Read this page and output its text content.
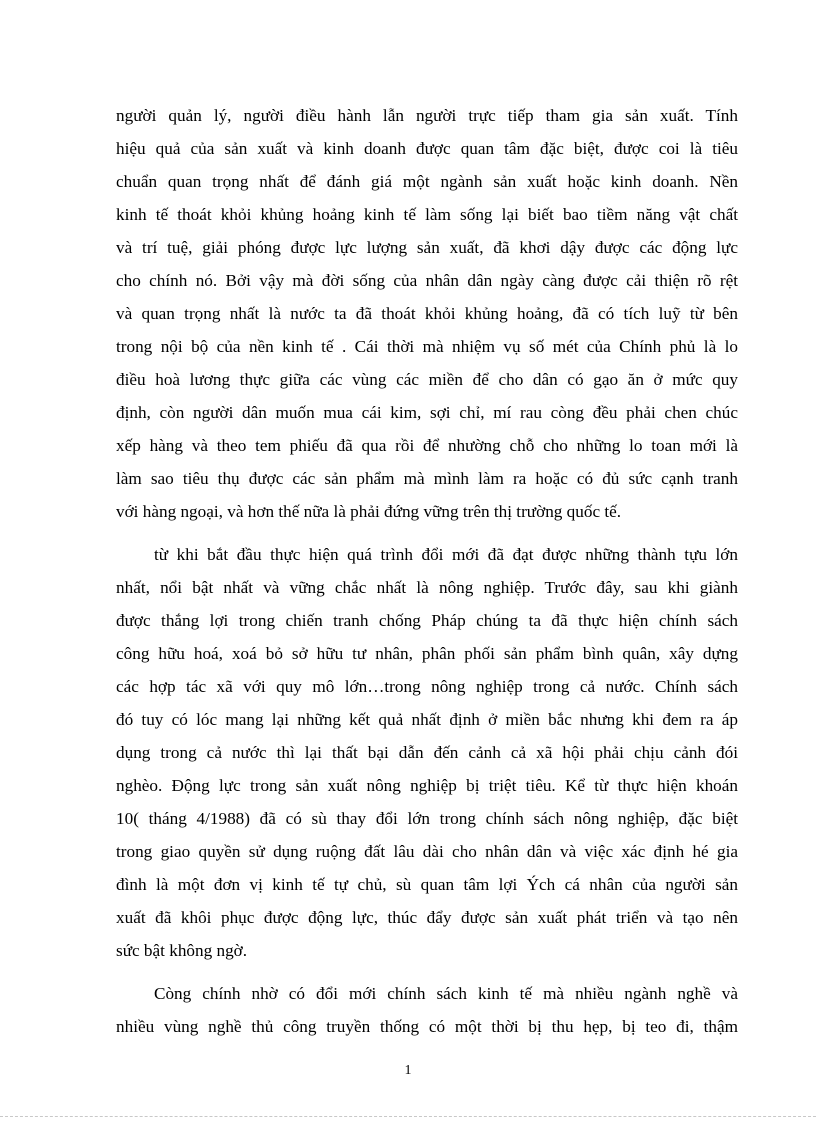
người quản lý, người điều hành lẫn người trực tiếp tham gia sản xuất. Tính
hiệu quả của sản xuất và kinh doanh được quan tâm đặc biệt, được coi là tiêu
chuẩn quan trọng nhất để đánh giá một ngành sản xuất hoặc kinh doanh. Nền
kinh tế thoát khỏi khủng hoảng kinh tế làm sống lại biết bao tiềm năng vật chất
và trí tuệ, giải phóng được lực lượng sản xuất, đã khơi dậy được các động lực
cho chính nó. Bởi vậy mà đời sống của nhân dân ngày càng được cải thiện rõ rệt
và quan trọng nhất là nước ta đã thoát khỏi khủng hoảng, đã có tích luỹ từ bên
trong nội bộ của nền kinh tế . Cái thời mà nhiệm vụ số mét của Chính phủ là lo
điều hoà lương thực giữa các vùng các miền để cho dân có gạo ăn ở mức quy
định, còn người dân muốn mua cái kim, sợi chỉ, mí rau còng đều phải chen chúc
xếp hàng và theo tem phiếu đã qua rồi để nhường chỗ cho những lo toan mới là
làm sao tiêu thụ được các sản phẩm mà mình làm ra hoặc có đủ sức cạnh tranh
với hàng ngoại, và hơn thế nữa là phải đứng vững trên thị trường quốc tế.
từ khi bắt đầu thực hiện quá trình đổi mới đã đạt được những thành tựu lớn
nhất, nổi bật nhất và vững chắc nhất là nông nghiệp. Trước đây, sau khi giành
được thắng lợi trong chiến tranh chống Pháp chúng ta đã thực hiện chính sách
công hữu hoá, xoá bỏ sở hữu tư nhân, phân phối sản phẩm bình quân, xây dựng
các hợp tác xã với quy mô lớn…trong nông nghiệp trong cả nước. Chính sách
đó tuy có lóc mang lại những kết quả nhất định ở miền bắc nhưng khi đem ra áp
dụng trong cả nước thì lại thất bại dẫn đến cảnh cả xã hội phải chịu cảnh đói
nghèo. Động lực trong sản xuất nông nghiệp bị triệt tiêu. Kể từ thực hiện khoán
10( tháng 4/1988) đã có sù thay đổi lớn trong chính sách nông nghiệp, đặc biệt
trong giao quyền sử dụng ruộng đất lâu dài cho nhân dân và việc xác định hé gia
đình là một đơn vị kinh tế tự chủ, sù quan tâm lợi Ých cá nhân của người sản
xuất đã khôi phục được động lực, thúc đẩy được sản xuất phát triển và tạo nên
sức bật không ngờ.
Còng chính nhờ có đổi mới chính sách kinh tế mà nhiều ngành nghề và
nhiều vùng nghề thủ công truyền thống có một thời bị thu hẹp, bị teo đi, thậm
1
